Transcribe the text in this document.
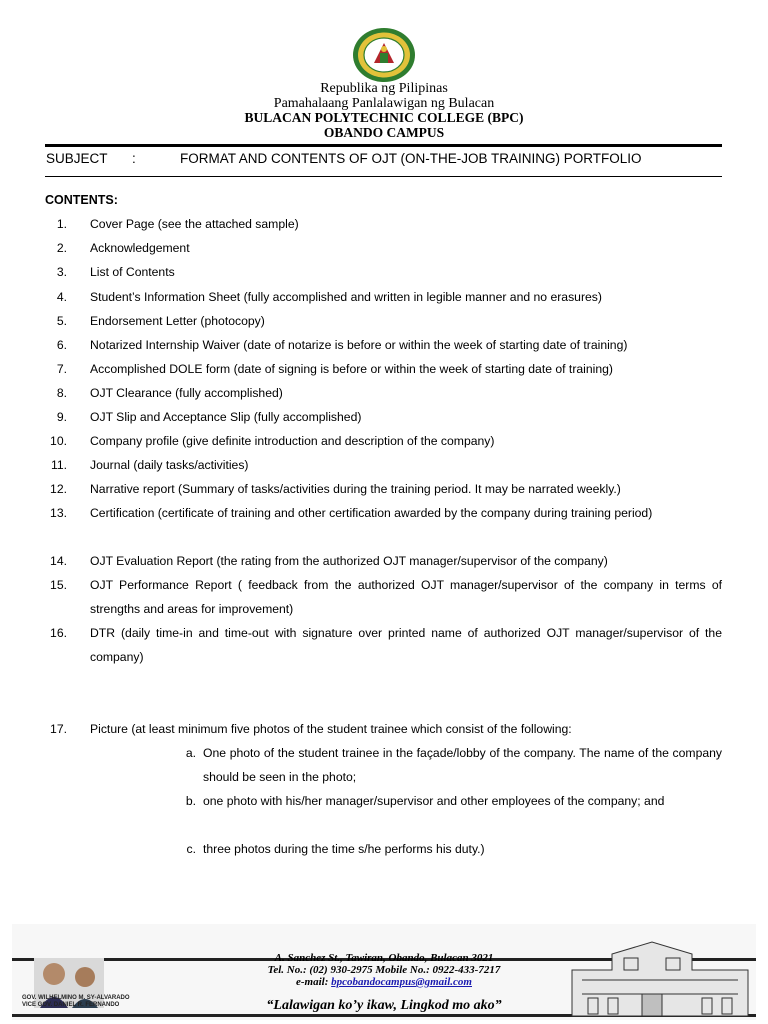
Republika ng Pilipinas
Pamahalaang Panlalawigan ng Bulacan
BULACAN POLYTECHNIC COLLEGE (BPC)
OBANDO CAMPUS
SUBJECT :	FORMAT AND CONTENTS OF OJT (ON-THE-JOB TRAINING) PORTFOLIO
CONTENTS:
1. Cover Page (see the attached sample)
2. Acknowledgement
3. List of Contents
4. Student’s Information Sheet (fully accomplished and written in legible manner and no erasures)
5. Endorsement Letter (photocopy)
6. Notarized Internship Waiver (date of notarize is before or within the week of starting date of training)
7. Accomplished DOLE form (date of signing is before or within the week of starting date of training)
8. OJT Clearance (fully accomplished)
9. OJT Slip and Acceptance Slip (fully accomplished)
10. Company profile (give definite introduction and description of the company)
11. Journal (daily tasks/activities)
12. Narrative report (Summary of tasks/activities during the training period. It may be narrated weekly.)
13. Certification (certificate of training and other certification awarded by the company during training period)
14. OJT Evaluation Report (the rating from the authorized OJT manager/supervisor of the company)
15. OJT Performance Report ( feedback from the authorized OJT manager/supervisor of the company in terms of strengths and areas for improvement)
16. DTR (daily time-in and time-out with signature over printed name of authorized OJT manager/supervisor of the company)
17. Picture (at least minimum five photos of the student trainee which consist of the following:
a. One photo of the student trainee in the façade/lobby of the company. The name of the company should be seen in the photo;
b. one photo with his/her manager/supervisor and other employees of the company; and
c. three photos during the time s/he performs his duty.)
A. Sanchez St., Tawiran, Obando, Bulacan 3021
Tel. No.: (02) 930-2975 Mobile No.: 0922-433-7217
e-mail: bpcobandocampus@gmail.com
“Lalawigan ko’y ikaw, Lingkod mo ako”
GOV. WILHELMINO M. SY-ALVARADO
VICE GOV. DANIEL R. FERNANDO
